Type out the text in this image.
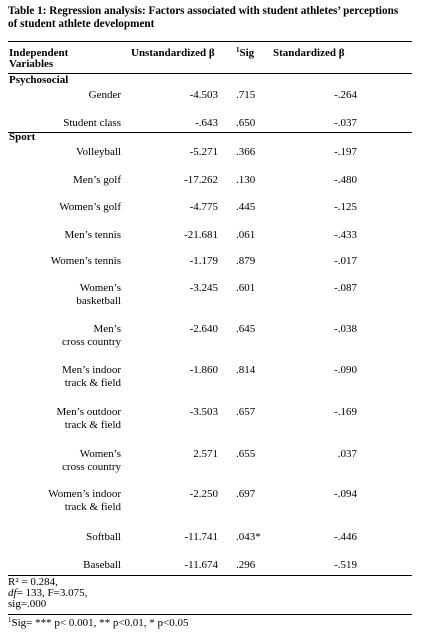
Table 1: Regression analysis: Factors associated with student athletes’ perceptions
of student athlete development
Independent
Variables
Unstandardized β	$^1$Sig Standardized β
Psychosocial
Gender	-4.503 .715	-.264
Student class	-.643 .650	-.037
Sport
Volleyball	-5.271 .366	-.197
Men’s golf	-17.262 .130	-.480
Women’s golf	-4.775 .445	-.125
Men’s tennis	-21.681 .061	-.433
Women’s tennis	-1.179 .879	-.017
Women’s
basketball
-3.245 .601	-.087
Men’s
cross country
-2.640 .645	-.038
Men’s indoor
track & field
-1.860 .814	-.090
Men’s outdoor
track & field
-3.503 .657	-.169
Women’s
cross country
2.571 .655	.037
Women’s indoor
track & field
-2.250 .697	-.094
Softball	-11.741 .043*	-.446
Baseball	-11.674 .296	-.519
R² = 0.284,
df= 133, F=3.075,
sig=.000
$^1$Sig= *** p< 0.001, ** p<0.01, * p<0.05
